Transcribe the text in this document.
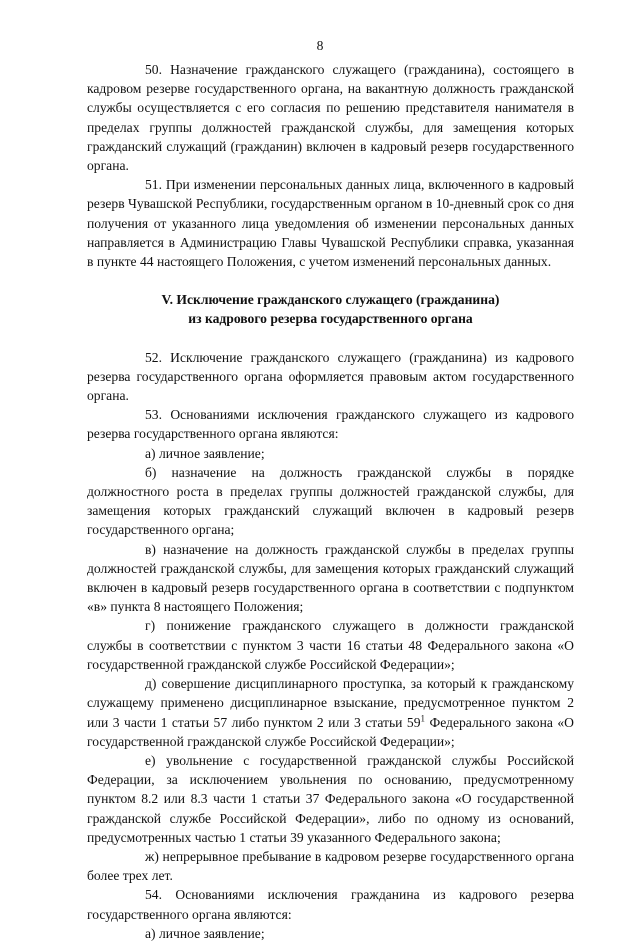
8

50. Назначение гражданского служащего (гражданина), состоящего в кадровом резерве государственного органа, на вакантную должность гражданской службы осуществляется с его согласия по решению представителя нанимателя в пределах группы должностей гражданской службы, для замещения которых гражданский служащий (гражданин) включен в кадровый резерв государственного органа.

51. При изменении персональных данных лица, включенного в кадровый резерв Чувашской Республики, государственным органом в 10-дневный срок со дня получения от указанного лица уведомления об изменении персональных данных направляется в Администрацию Главы Чувашской Республики справка, указанная в пункте 44 настоящего Положения, с учетом изменений персональных данных.

V. Исключение гражданского служащего (гражданина)
из кадрового резерва государственного органа

52. Исключение гражданского служащего (гражданина) из кадрового резерва государственного органа оформляется правовым актом государственного органа.

53. Основаниями исключения гражданского служащего из кадрового резерва государственного органа являются:

а) личное заявление;

б) назначение на должность гражданской службы в порядке должностного роста в пределах группы должностей гражданской службы, для замещения которых гражданский служащий включен в кадровый резерв государственного органа;

в) назначение на должность гражданской службы в пределах группы должностей гражданской службы, для замещения которых гражданский служащий включен в кадровый резерв государственного органа в соответствии с подпунктом «в» пункта 8 настоящего Положения;

г) понижение гражданского служащего в должности гражданской службы в соответствии с пунктом 3 части 16 статьи 48 Федерального закона «О государственной гражданской службе Российской Федерации»;

д) совершение дисциплинарного проступка, за который к гражданскому служащему применено дисциплинарное взыскание, предусмотренное пунктом 2 или 3 части 1 статьи 57 либо пунктом 2 или 3 статьи $59^1$ Федерального закона «О государственной гражданской службе Российской Федерации»;

е) увольнение с государственной гражданской службы Российской Федерации, за исключением увольнения по основанию, предусмотренному пунктом 8.2 или 8.3 части 1 статьи 37 Федерального закона «О государственной гражданской службе Российской Федерации», либо по одному из оснований, предусмотренных частью 1 статьи 39 указанного Федерального закона;

ж) непрерывное пребывание в кадровом резерве государственного органа более трех лет.

54. Основаниями исключения гражданина из кадрового резерва государственного органа являются:

а) личное заявление;
